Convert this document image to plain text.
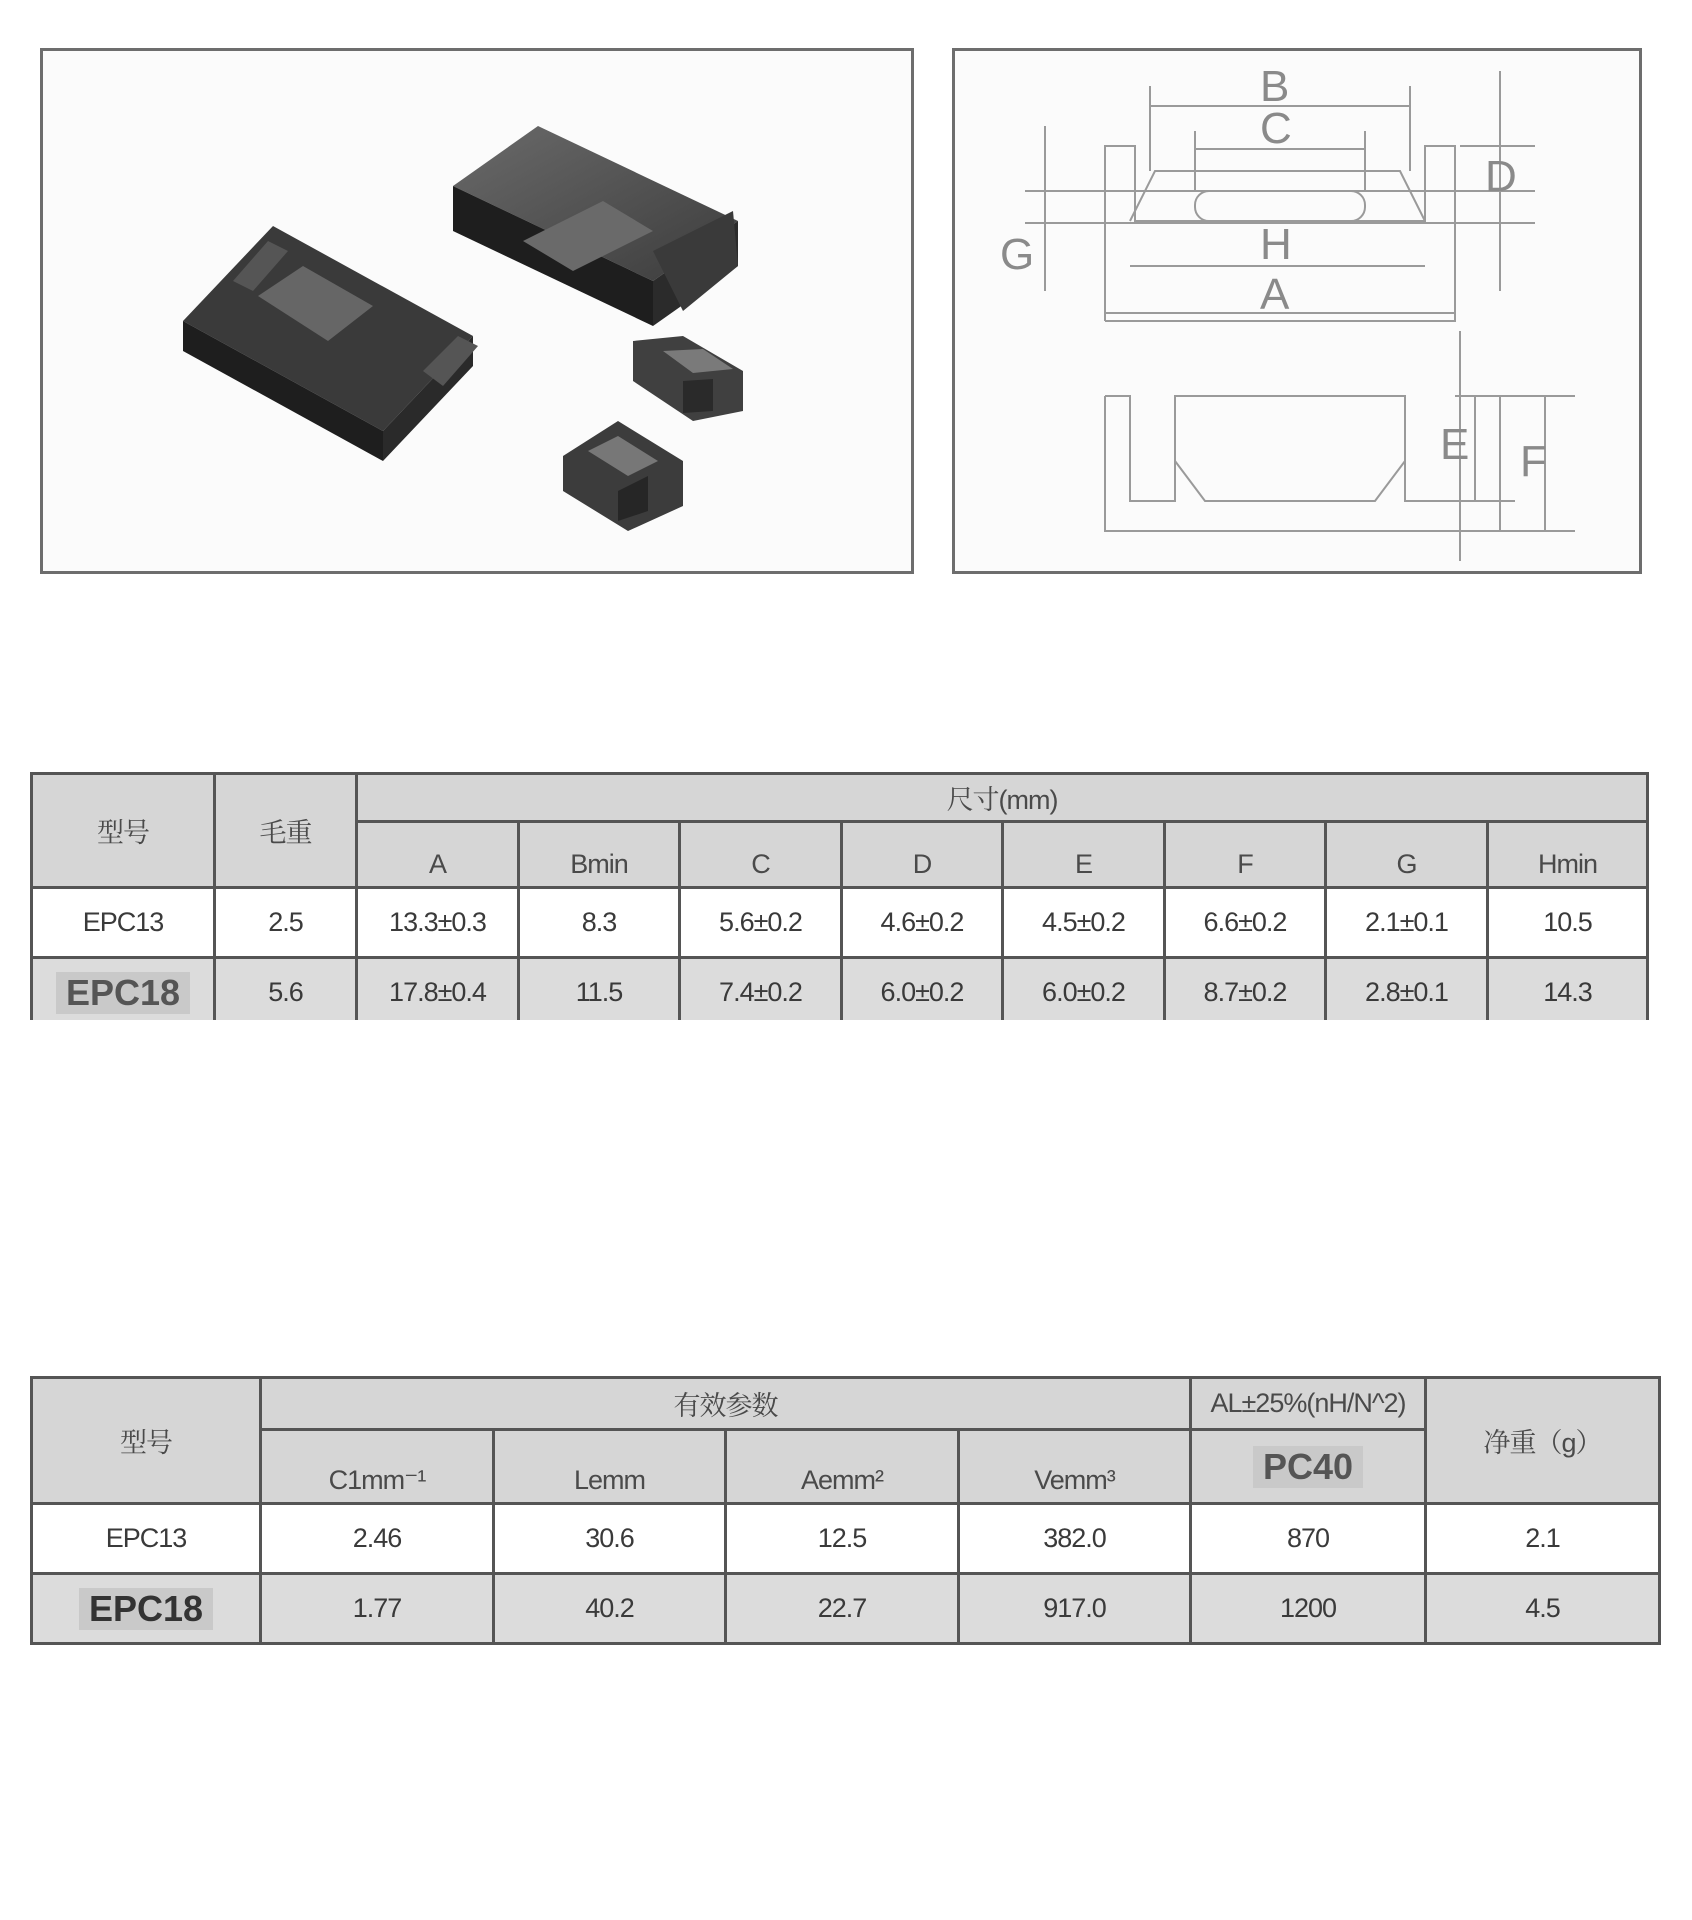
B
C
D
G	H
A
E F
型号	毛重	尺寸(mm)							
		A	Bmin	C	D	E	F	G	Hmin
EPC13	2.5	13.3±0.3	8.3	5.6±0.2	4.6±0.2	4.5±0.2	6.6±0.2	2.1±0.1	10.5
EPC18	5.6	17.8±0.4	11.5	7.4±0.2	6.0±0.2	6.0±0.2	8.7±0.2	2.8±0.1	14.3
型号	有效参数				AL±25%(nH/N^2)	净重（g）
	C1mm⁻¹	Lemm	Aemm²	Vemm³	PC40	
EPC13	2.46	30.6	12.5	382.0	870	2.1
EPC18	1.77	40.2	22.7	917.0	1200	4.5
